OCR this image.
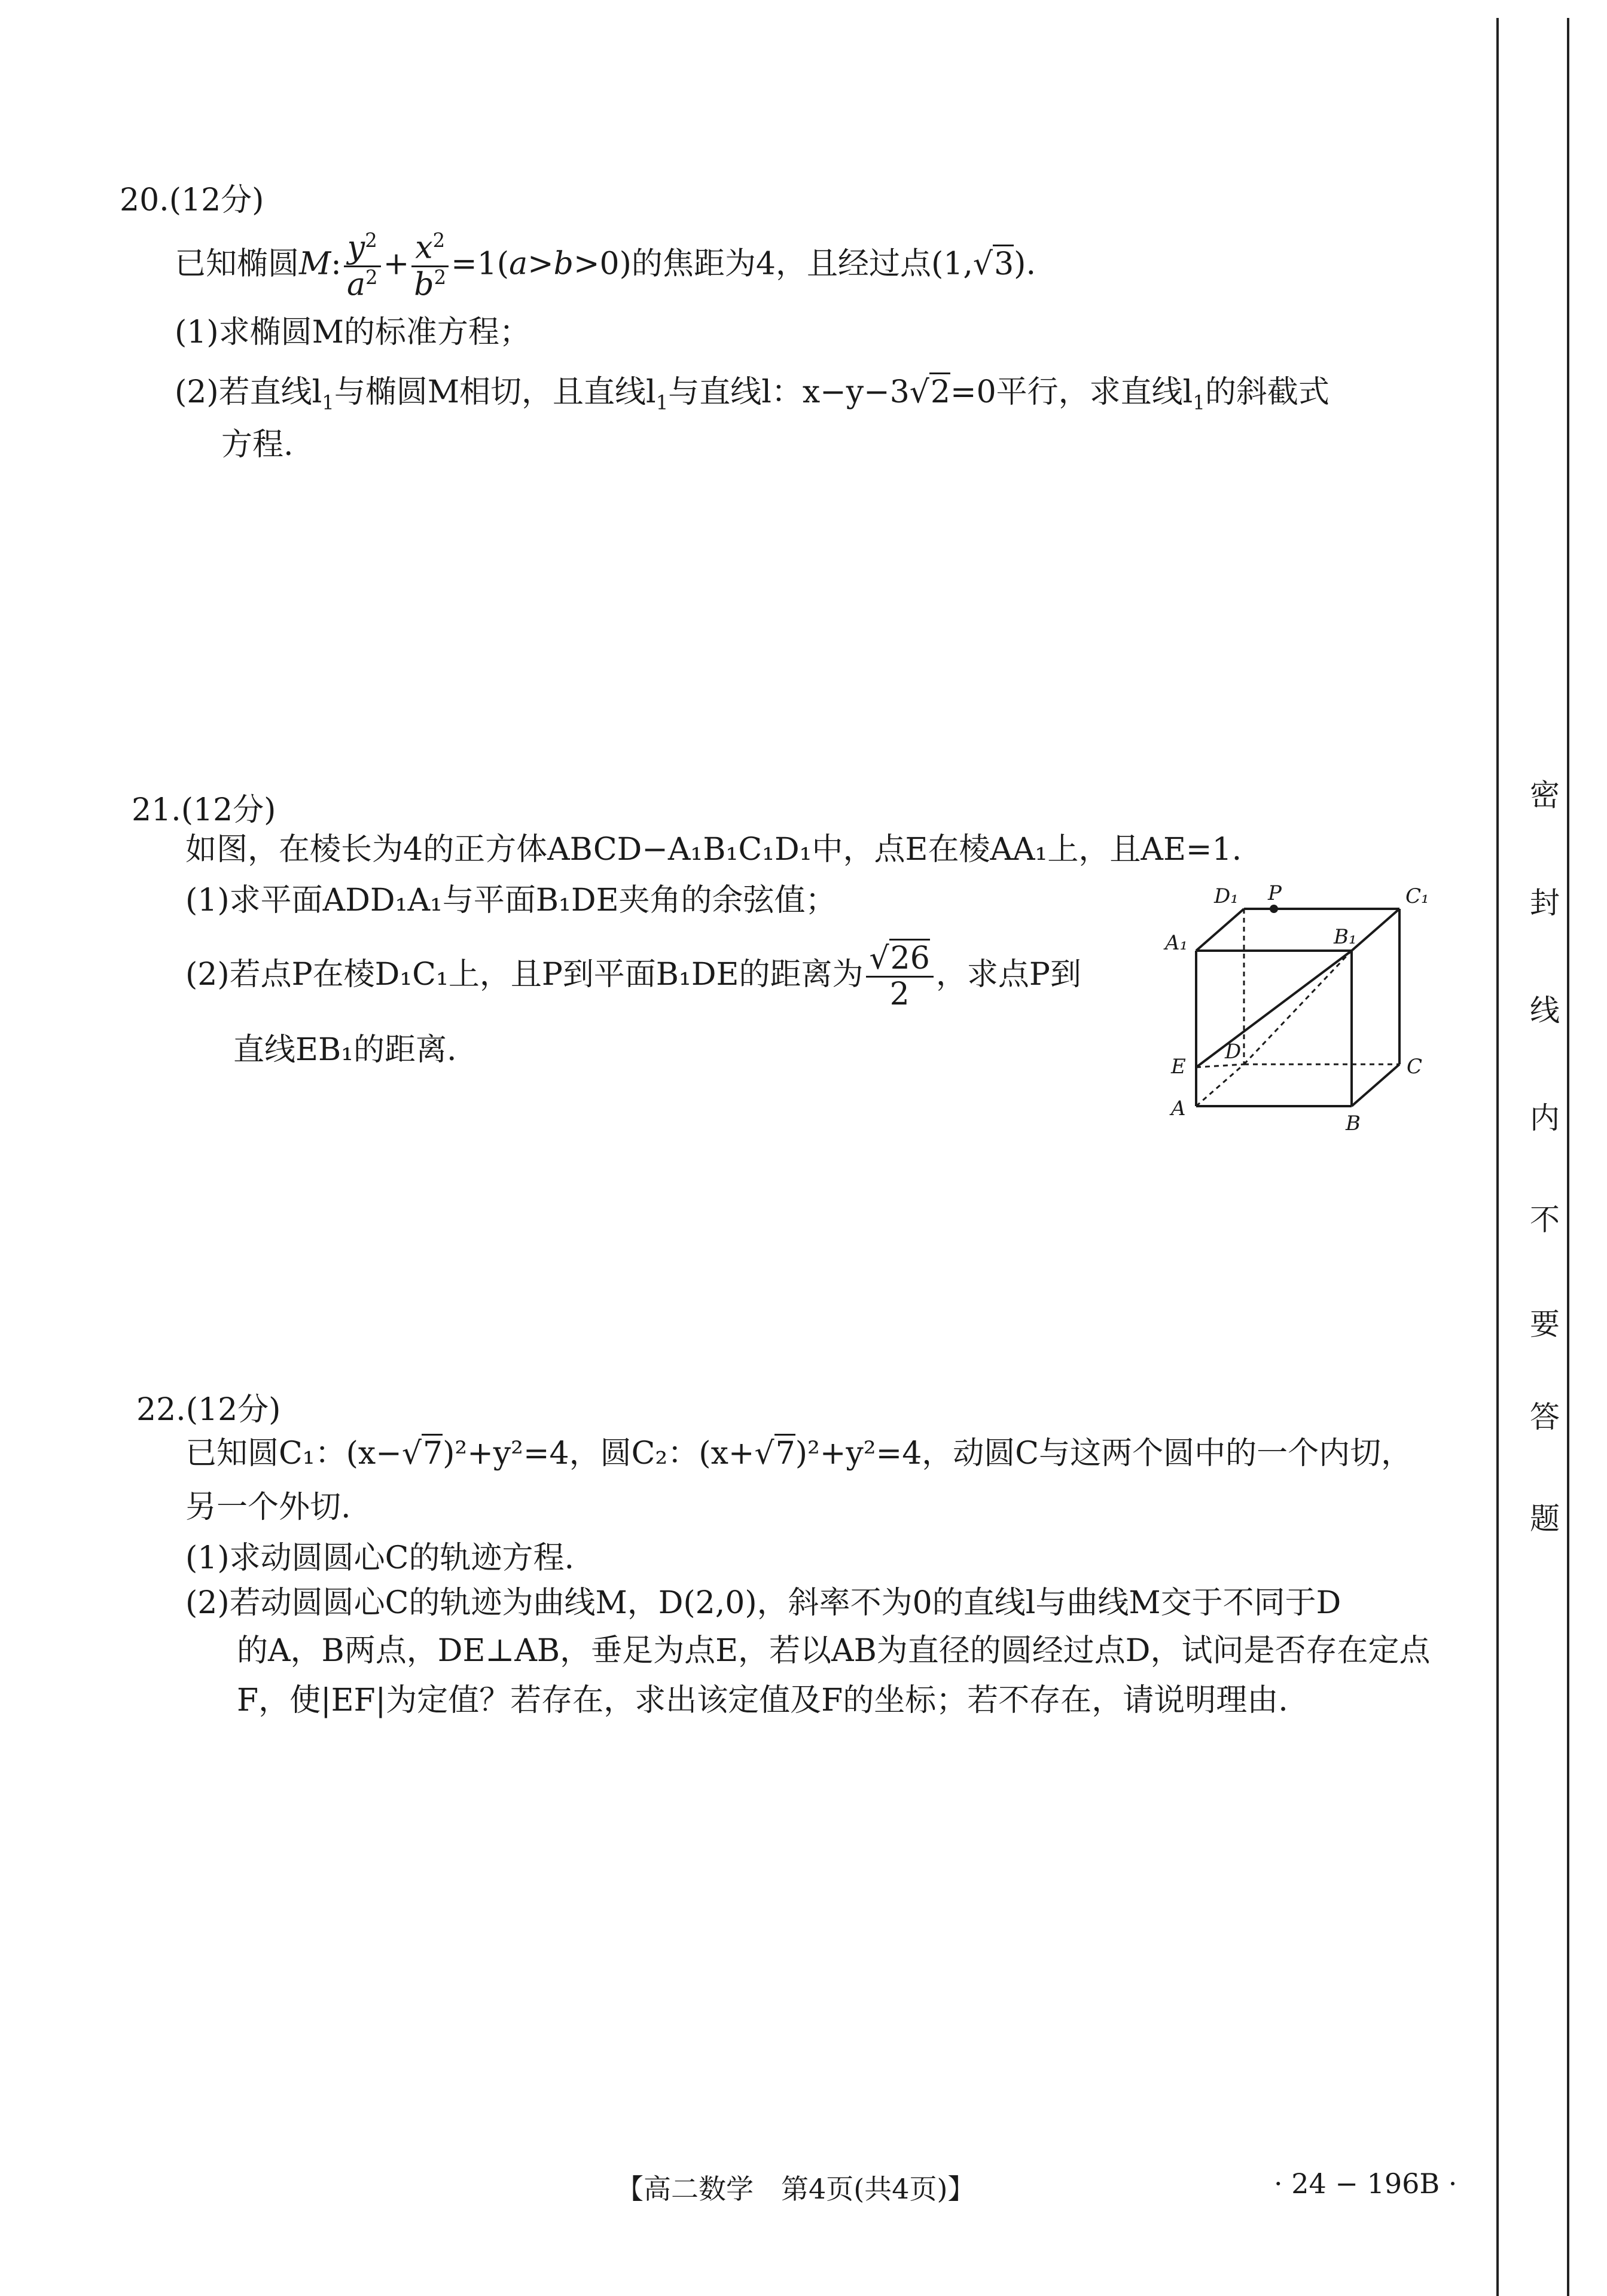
20.(12分)
已知椭圆M: $\frac{y^2}{a^2} + \frac{x^2}{b^2} =1(a>b>0)$的焦距为4，且经过点(1,√3).
(1)求椭圆M的标准方程；
(2)若直线$l_1$与椭圆M相切，且直线$l_1$与直线l：x−y−3√2=0平行，求直线$l_1$的斜截式
方程.
21.(12分)
如图，在棱长为4的正方体ABCD−A₁B₁C₁D₁中，点E在棱AA₁上，且AE=1.
(1)求平面ADD₁A₁与平面B₁DE夹角的余弦值；
(2)若点P在棱D₁C₁上，且P到平面B₁DE的距离为 $\frac{√26}{2}$ ，求点P到
直线EB₁的距离.
D₁ P	C₁
A₁	B₁
D
E	C
A
B
22.(12分)
已知圆C₁：(x−√7)²+y²=4，圆C₂：(x+√7)²+y²=4，动圆C与这两个圆中的一个内切，
另一个外切.
(1)求动圆圆心C的轨迹方程.
(2)若动圆圆心C的轨迹为曲线M，D(2,0)，斜率不为0的直线l与曲线M交于不同于D
的A，B两点，DE⊥AB，垂足为点E，若以AB为直径的圆经过点D，试问是否存在定点
F，使|EF|为定值？若存在，求出该定值及F的坐标；若不存在，请说明理由.
密
封
线
内
不
要
答
题
【高二数学　第4页(共4页)】	· 24 − 196B ·
